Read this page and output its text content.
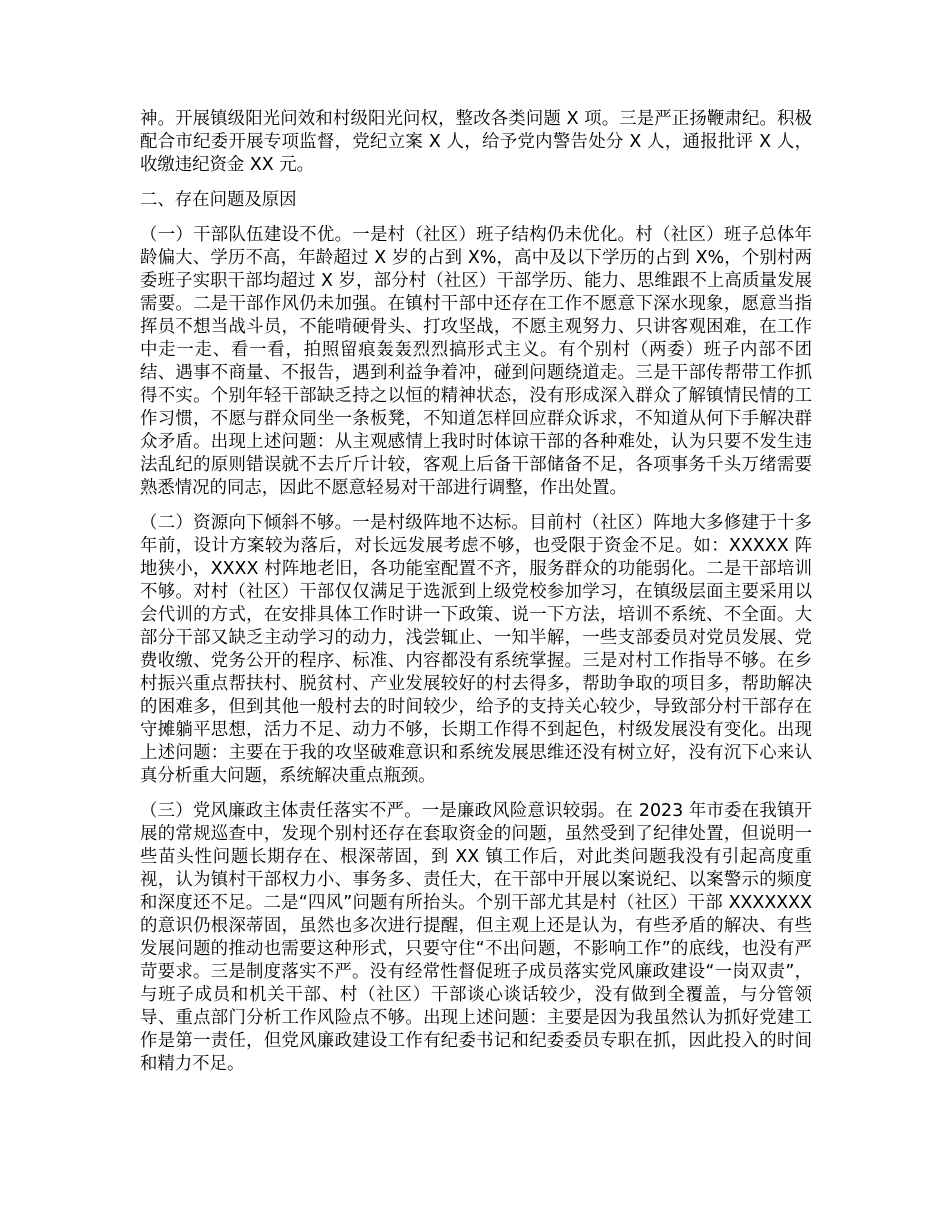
神。开展镇级阳光问效和村级阳光问权，整改各类问题 X 项。三是严正扬鞭肃纪。积极配合市纪委开展专项监督，党纪立案 X 人，给予党内警告处分 X 人，通报批评 X 人，收缴违纪资金 XX 元。

二、存在问题及原因

（一）干部队伍建设不优。一是村（社区）班子结构仍未优化。村（社区）班子总体年龄偏大、学历不高，年龄超过 X 岁的占到 X%，高中及以下学历的占到 X%，个别村两委班子实职干部均超过 X 岁，部分村（社区）干部学历、能力、思维跟不上高质量发展需要。二是干部作风仍未加强。在镇村干部中还存在工作不愿意下深水现象，愿意当指挥员不想当战斗员，不能啃硬骨头、打攻坚战，不愿主观努力、只讲客观困难，在工作中走一走、看一看，拍照留痕轰轰烈烈搞形式主义。有个别村（两委）班子内部不团结、遇事不商量、不报告，遇到利益争着冲，碰到问题绕道走。三是干部传帮带工作抓得不实。个别年轻干部缺乏持之以恒的精神状态，没有形成深入群众了解镇情民情的工作习惯，不愿与群众同坐一条板凳，不知道怎样回应群众诉求，不知道从何下手解决群众矛盾。出现上述问题：从主观感情上我时时体谅干部的各种难处，认为只要不发生违法乱纪的原则错误就不去斤斤计较，客观上后备干部储备不足，各项事务千头万绪需要熟悉情况的同志，因此不愿意轻易对干部进行调整，作出处置。

（二）资源向下倾斜不够。一是村级阵地不达标。目前村（社区）阵地大多修建于十多年前，设计方案较为落后，对长远发展考虑不够，也受限于资金不足。如：XXXXX 阵地狭小，XXXX 村阵地老旧，各功能室配置不齐，服务群众的功能弱化。二是干部培训不够。对村（社区）干部仅仅满足于选派到上级党校参加学习，在镇级层面主要采用以会代训的方式，在安排具体工作时讲一下政策、说一下方法，培训不系统、不全面。大部分干部又缺乏主动学习的动力，浅尝辄止、一知半解，一些支部委员对党员发展、党费收缴、党务公开的程序、标准、内容都没有系统掌握。三是对村工作指导不够。在乡村振兴重点帮扶村、脱贫村、产业发展较好的村去得多，帮助争取的项目多，帮助解决的困难多，但到其他一般村去的时间较少，给予的支持关心较少，导致部分村干部存在守摊躺平思想，活力不足、动力不够，长期工作得不到起色，村级发展没有变化。出现上述问题：主要在于我的攻坚破难意识和系统发展思维还没有树立好，没有沉下心来认真分析重大问题，系统解决重点瓶颈。

（三）党风廉政主体责任落实不严。一是廉政风险意识较弱。在 2023 年市委在我镇开展的常规巡查中，发现个别村还存在套取资金的问题，虽然受到了纪律处置，但说明一些苗头性问题长期存在、根深蒂固，到 XX 镇工作后，对此类问题我没有引起高度重视，认为镇村干部权力小、事务多、责任大，在干部中开展以案说纪、以案警示的频度和深度还不足。二是“四风”问题有所抬头。个别干部尤其是村（社区）干部 XXXXXXX 的意识仍根深蒂固，虽然也多次进行提醒，但主观上还是认为，有些矛盾的解决、有些发展问题的推动也需要这种形式，只要守住“不出问题，不影响工作”的底线，也没有严苛要求。三是制度落实不严。没有经常性督促班子成员落实党风廉政建设“一岗双责”，与班子成员和机关干部、村（社区）干部谈心谈话较少，没有做到全覆盖，与分管领导、重点部门分析工作风险点不够。出现上述问题：主要是因为我虽然认为抓好党建工作是第一责任，但党风廉政建设工作有纪委书记和纪委委员专职在抓，因此投入的时间和精力不足。
